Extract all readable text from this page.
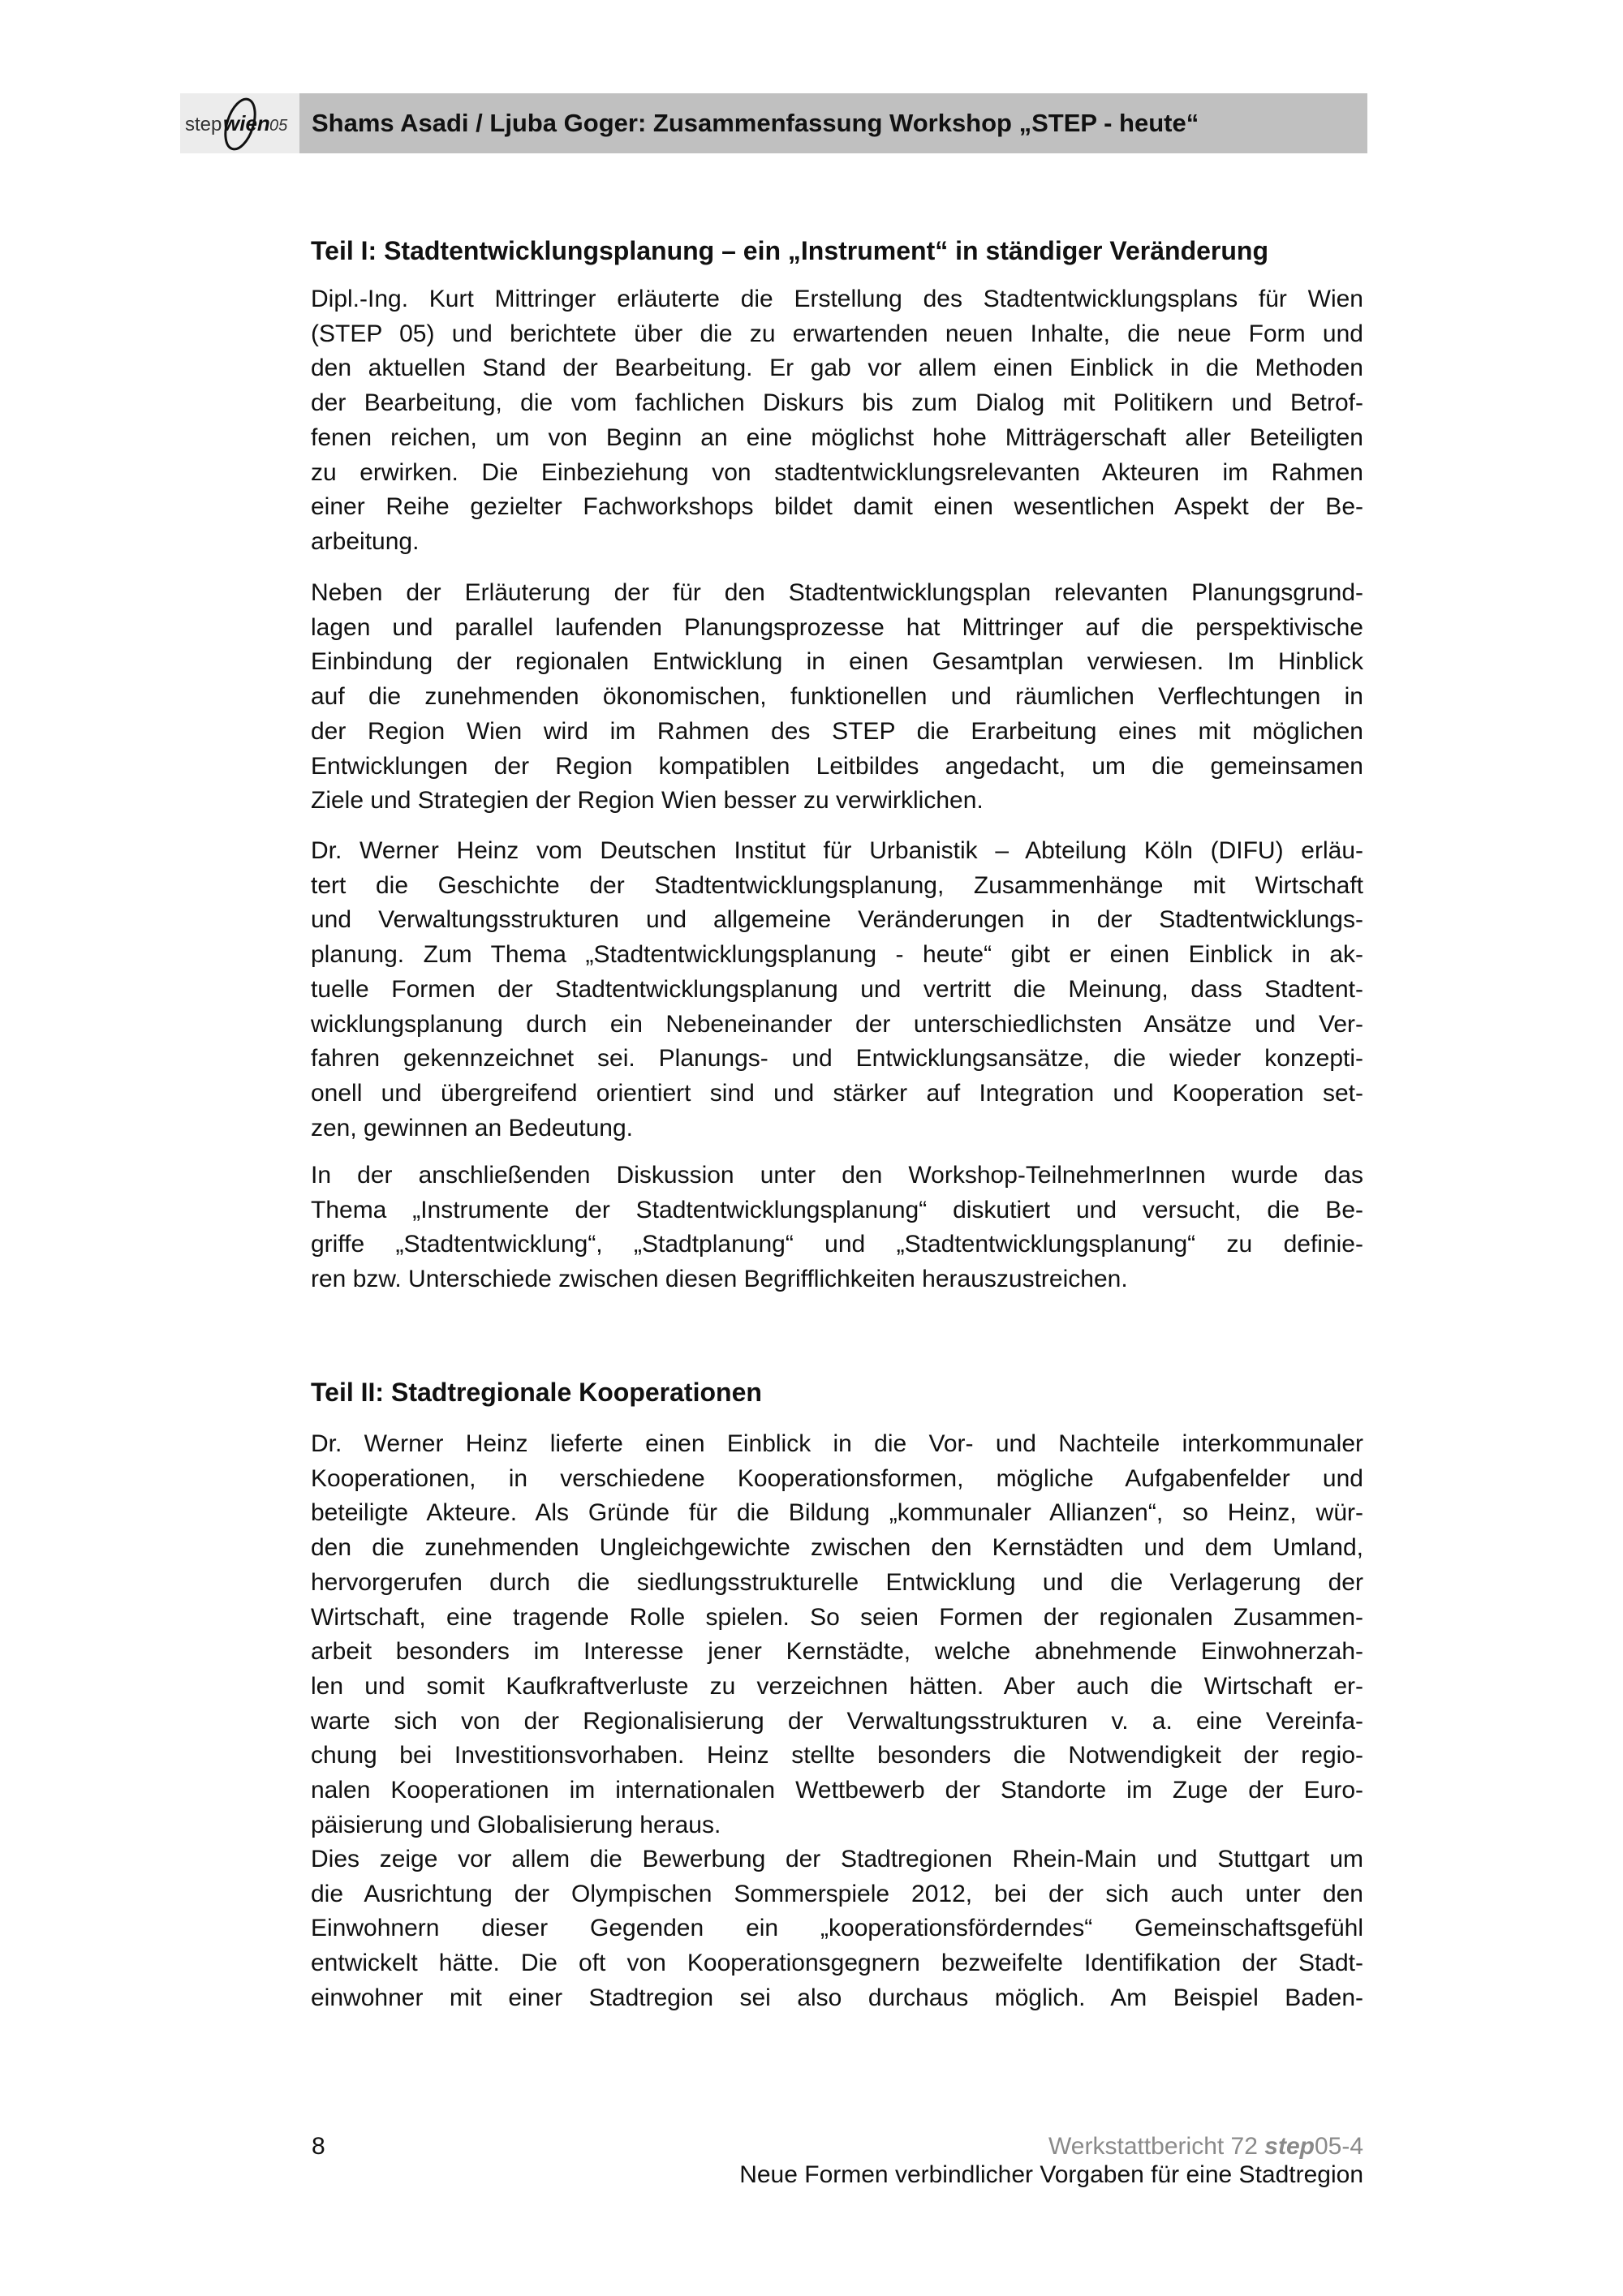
step wien 05 Shams Asadi / Ljuba Goger: Zusammenfassung Workshop „STEP - heute“
Teil I: Stadtentwicklungsplanung – ein „Instrument“ in ständiger Veränderung
Dipl.-Ing. Kurt Mittringer erläuterte die Erstellung des Stadtentwicklungsplans für Wien
(STEP 05) und berichtete über die zu erwartenden neuen Inhalte, die neue Form und
den aktuellen Stand der Bearbeitung. Er gab vor allem einen Einblick in die Methoden
der Bearbeitung, die vom fachlichen Diskurs bis zum Dialog mit Politikern und Betrof-
fenen reichen, um von Beginn an eine möglichst hohe Mitträgerschaft aller Beteiligten
zu erwirken. Die Einbeziehung von stadtentwicklungsrelevanten Akteuren im Rahmen
einer Reihe gezielter Fachworkshops bildet damit einen wesentlichen Aspekt der Be-
arbeitung.
Neben der Erläuterung der für den Stadtentwicklungsplan relevanten Planungsgrund-
lagen und parallel laufenden Planungsprozesse hat Mittringer auf die perspektivische
Einbindung der regionalen Entwicklung in einen Gesamtplan verwiesen. Im Hinblick
auf die zunehmenden ökonomischen, funktionellen und räumlichen Verflechtungen in
der Region Wien wird im Rahmen des STEP die Erarbeitung eines mit möglichen
Entwicklungen der Region kompatiblen Leitbildes angedacht, um die gemeinsamen
Ziele und Strategien der Region Wien besser zu verwirklichen.
Dr. Werner Heinz vom Deutschen Institut für Urbanistik – Abteilung Köln (DIFU) erläu-
tert die Geschichte der Stadtentwicklungsplanung, Zusammenhänge mit Wirtschaft
und Verwaltungsstrukturen und allgemeine Veränderungen in der Stadtentwicklungs-
planung. Zum Thema „Stadtentwicklungsplanung - heute“ gibt er einen Einblick in ak-
tuelle Formen der Stadtentwicklungsplanung und vertritt die Meinung, dass Stadtent-
wicklungsplanung durch ein Nebeneinander der unterschiedlichsten Ansätze und Ver-
fahren gekennzeichnet sei. Planungs- und Entwicklungsansätze, die wieder konzepti-
onell und übergreifend orientiert sind und stärker auf Integration und Kooperation set-
zen, gewinnen an Bedeutung.
In der anschließenden Diskussion unter den Workshop-TeilnehmerInnen wurde das
Thema „Instrumente der Stadtentwicklungsplanung“ diskutiert und versucht, die Be-
griffe „Stadtentwicklung“, „Stadtplanung“ und „Stadtentwicklungsplanung“ zu definie-
ren bzw. Unterschiede zwischen diesen Begrifflichkeiten herauszustreichen.
Teil II: Stadtregionale Kooperationen
Dr. Werner Heinz lieferte einen Einblick in die Vor- und Nachteile interkommunaler
Kooperationen, in verschiedene Kooperationsformen, mögliche Aufgabenfelder und
beteiligte Akteure. Als Gründe für die Bildung „kommunaler Allianzen“, so Heinz, wür-
den die zunehmenden Ungleichgewichte zwischen den Kernstädten und dem Umland,
hervorgerufen durch die siedlungsstrukturelle Entwicklung und die Verlagerung der
Wirtschaft, eine tragende Rolle spielen. So seien Formen der regionalen Zusammen-
arbeit besonders im Interesse jener Kernstädte, welche abnehmende Einwohnerzah-
len und somit Kaufkraftverluste zu verzeichnen hätten. Aber auch die Wirtschaft er-
warte sich von der Regionalisierung der Verwaltungsstrukturen v. a. eine Vereinfa-
chung bei Investitionsvorhaben. Heinz stellte besonders die Notwendigkeit der regio-
nalen Kooperationen im internationalen Wettbewerb der Standorte im Zuge der Euro-
päisierung und Globalisierung heraus.
Dies zeige vor allem die Bewerbung der Stadtregionen Rhein-Main und Stuttgart um
die Ausrichtung der Olympischen Sommerspiele 2012, bei der sich auch unter den
Einwohnern dieser Gegenden ein „kooperationsförderndes“ Gemeinschaftsgefühl
entwickelt hätte. Die oft von Kooperationsgegnern bezweifelte Identifikation der Stadt-
einwohner mit einer Stadtregion sei also durchaus möglich. Am Beispiel Baden-
8	Werkstattbericht 72 step05-4
Neue Formen verbindlicher Vorgaben für eine Stadtregion
